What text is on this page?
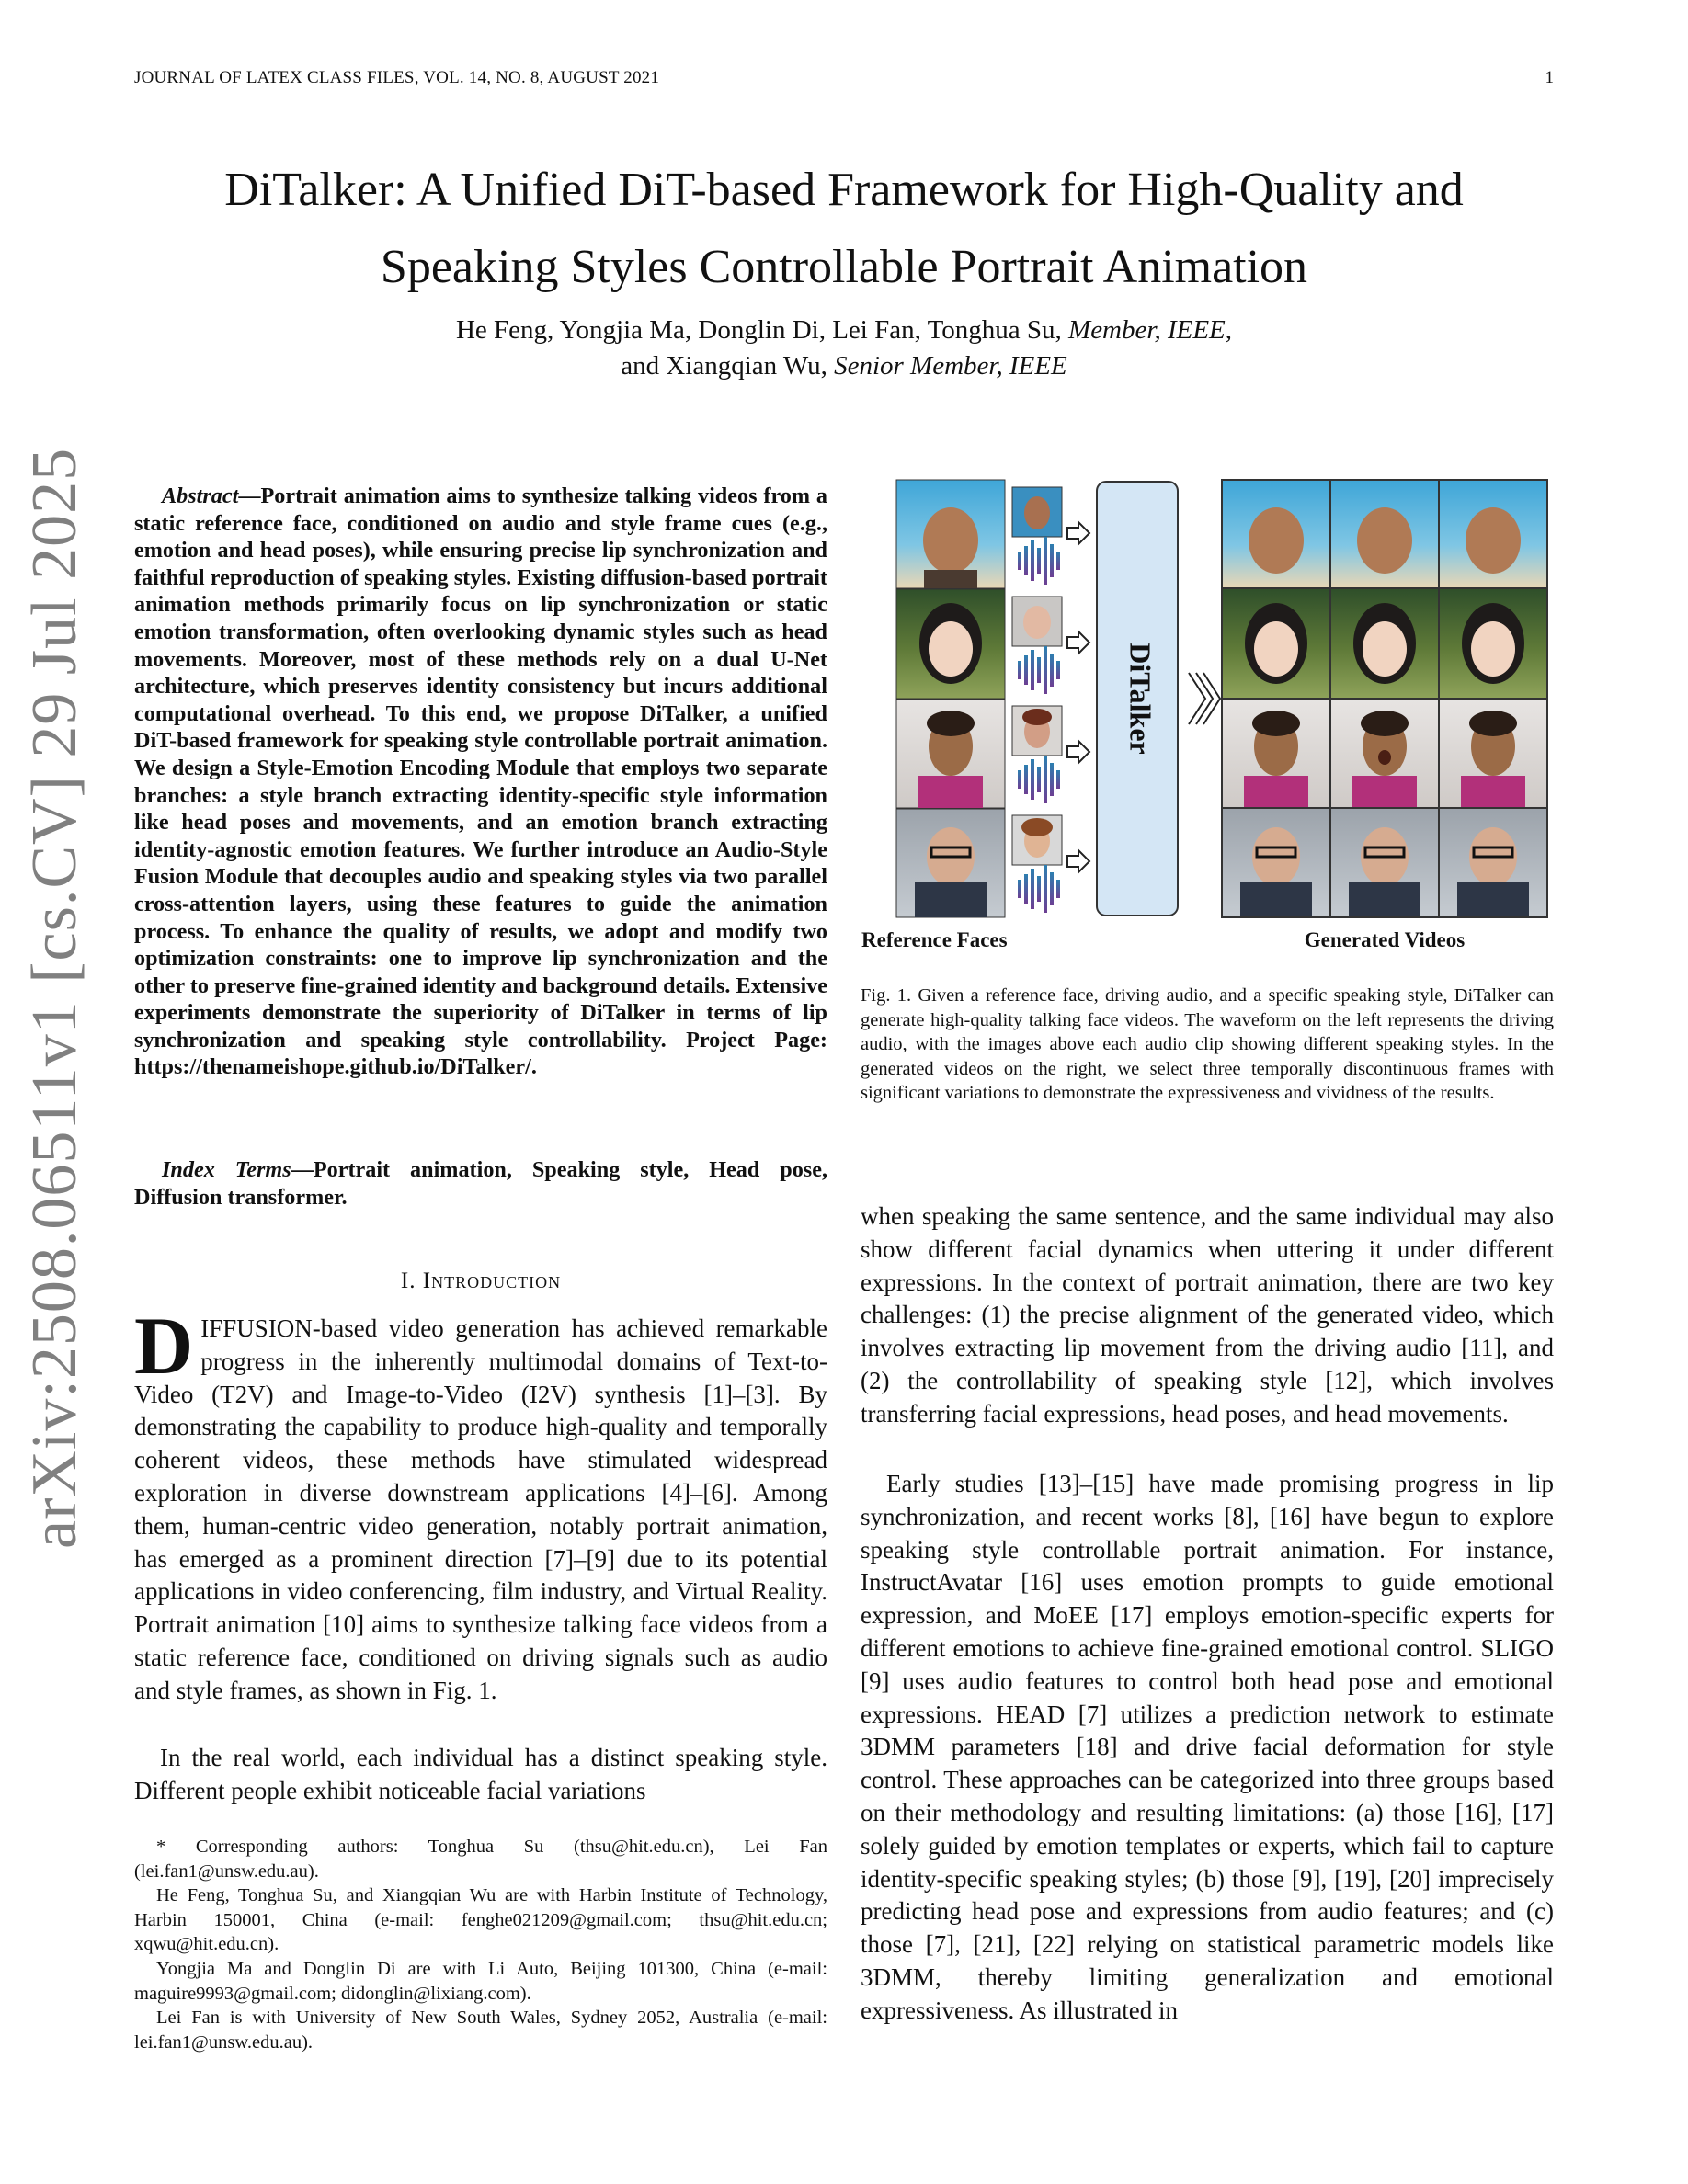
JOURNAL OF LATEX CLASS FILES, VOL. 14, NO. 8, AUGUST 2021	1
DiTalker: A Unified DiT-based Framework for High-Quality and
Speaking Styles Controllable Portrait Animation
He Feng, Yongjia Ma, Donglin Di, Lei Fan, Tonghua Su, Member, IEEE,
and Xiangqian Wu, Senior Member, IEEE
arXiv:2508.06511v1 [cs.CV] 29 Jul 2025	Abstract—Portrait animation aims to synthesize talking videos from a static reference face, conditioned on audio and style frame cues (e.g., emotion and head poses), while ensuring precise lip synchronization and faithful reproduction of speaking styles. Existing diffusion-based portrait animation methods primarily focus on lip synchronization or static emotion transformation, often overlooking dynamic styles such as head movements. Moreover, most of these methods rely on a dual U-Net architecture, which preserves identity consistency but incurs additional computational overhead. To this end, we propose DiTalker, a unified DiT-based framework for speaking style controllable portrait animation. We design a Style-Emotion Encoding Module that employs two separate branches: a style branch extracting identity-specific style information like head poses and movements, and an emotion branch extracting identity-agnostic emotion features. We further introduce an Audio-Style Fusion Module that decouples audio and speaking styles via two parallel cross-attention layers, using these features to guide the animation process. To enhance the quality of results, we adopt and modify two optimization constraints: one to improve lip synchronization and the other to preserve fine-grained identity and background details. Extensive experiments demonstrate the superiority of DiTalker in terms of lip synchronization and speaking style controllability. Project Page: https://thenameishope.github.io/DiTalker/.
Index Terms—Portrait animation, Speaking style, Head pose, Diffusion transformer.
I. Introduction
DIFFUSION-based video generation has achieved remarkable progress in the inherently multimodal domains of Text-to-Video (T2V) and Image-to-Video (I2V) synthesis [1]–[3]. By demonstrating the capability to produce high-quality and temporally coherent videos, these methods have stimulated widespread exploration in diverse downstream applications [4]–[6]. Among them, human-centric video generation, notably portrait animation, has emerged as a prominent direction [7]–[9] due to its potential applications in video conferencing, film industry, and Virtual Reality. Portrait animation [10] aims to synthesize talking face videos from a static reference face, conditioned on driving signals such as audio and style frames, as shown in Fig. 1.
In the real world, each individual has a distinct speaking style. Different people exhibit noticeable facial variations

* Corresponding authors: Tonghua Su (thsu@hit.edu.cn), Lei Fan (lei.fan1@unsw.edu.au).

He Feng, Tonghua Su, and Xiangqian Wu are with Harbin Institute of Technology, Harbin 150001, China (e-mail: fenghe021209@gmail.com; thsu@hit.edu.cn; xqwu@hit.edu.cn).

Yongjia Ma and Donglin Di are with Li Auto, Beijing 101300, China (e-mail: maguire9993@gmail.com; didonglin@lixiang.com).

Lei Fan is with University of New South Wales, Sydney 2052, Australia (e-mail: lei.fan1@unsw.edu.au).

DiTalker
Reference Faces	Generated Videos
Fig. 1. Given a reference face, driving audio, and a specific speaking style, DiTalker can generate high-quality talking face videos. The waveform on the left represents the driving audio, with the images above each audio clip showing different speaking styles. In the generated videos on the right, we select three temporally discontinuous frames with significant variations to demonstrate the expressiveness and vividness of the results.
when speaking the same sentence, and the same individual may also show different facial dynamics when uttering it under different expressions. In the context of portrait animation, there are two key challenges: (1) the precise alignment of the generated video, which involves extracting lip movement from the driving audio [11], and (2) the controllability of speaking style [12], which involves transferring facial expressions, head poses, and head movements.
Early studies [13]–[15] have made promising progress in lip synchronization, and recent works [8], [16] have begun to explore speaking style controllable portrait animation. For instance, InstructAvatar [16] uses emotion prompts to guide emotional expression, and MoEE [17] employs emotion-specific experts for different emotions to achieve fine-grained emotional control. SLIGO [9] uses audio features to control both head pose and emotional expressions. HEAD [7] utilizes a prediction network to estimate 3DMM parameters [18] and drive facial deformation for style control. These approaches can be categorized into three groups based on their methodology and resulting limitations: (a) those [16], [17] solely guided by emotion templates or experts, which fail to capture identity-specific speaking styles; (b) those [9], [19], [20] imprecisely predicting head pose and expressions from audio features; and (c) those [7], [21], [22] relying on statistical parametric models like 3DMM, thereby limiting generalization and emotional expressiveness. As illustrated in
